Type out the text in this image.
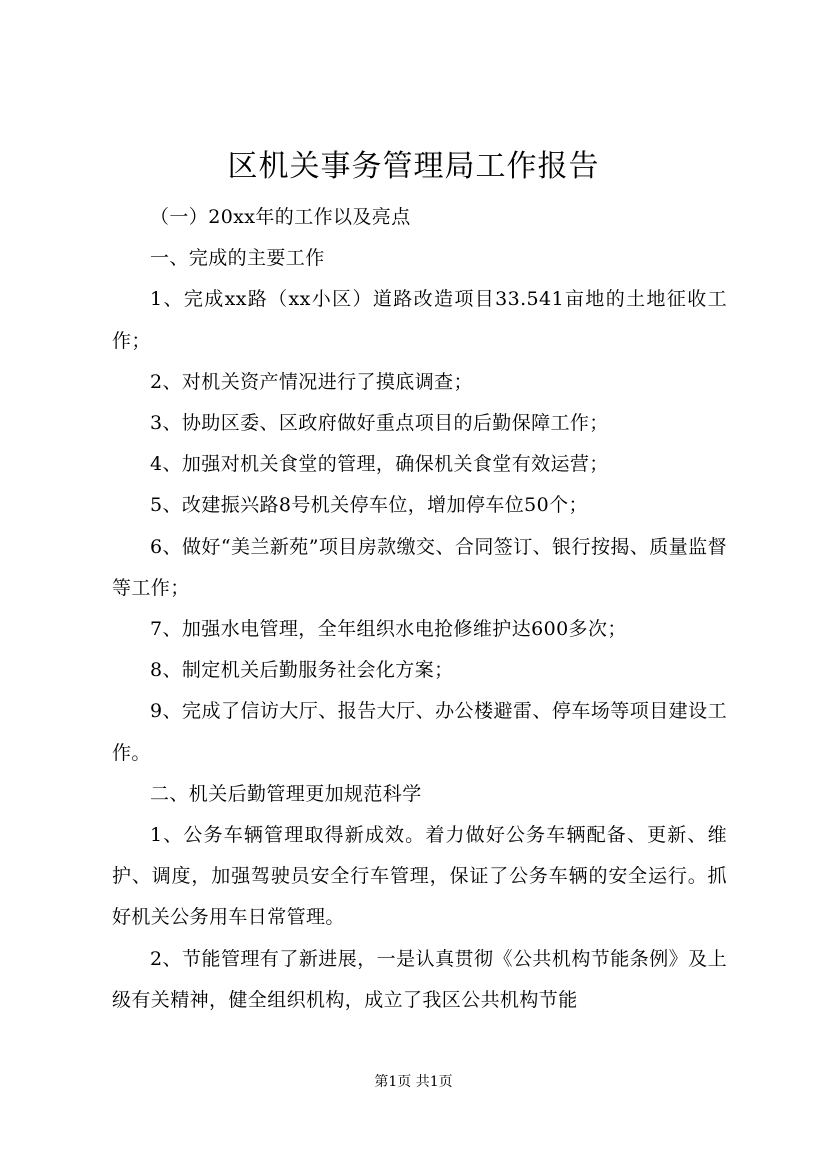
区机关事务管理局工作报告

（一）20xx年的工作以及亮点

一、完成的主要工作

1、完成xx路（xx小区）道路改造项目33.541亩地的土地征收工作；

2、对机关资产情况进行了摸底调查；

3、协助区委、区政府做好重点项目的后勤保障工作；

4、加强对机关食堂的管理，确保机关食堂有效运营；

5、改建振兴路8号机关停车位，增加停车位50个；

6、做好“美兰新苑”项目房款缴交、合同签订、银行按揭、质量监督等工作；

7、加强水电管理，全年组织水电抢修维护达600多次；

8、制定机关后勤服务社会化方案；

9、完成了信访大厅、报告大厅、办公楼避雷、停车场等项目建设工作。

二、机关后勤管理更加规范科学

1、公务车辆管理取得新成效。着力做好公务车辆配备、更新、维护、调度，加强驾驶员安全行车管理，保证了公务车辆的安全运行。抓好机关公务用车日常管理。

2、节能管理有了新进展，一是认真贯彻《公共机构节能条例》及上级有关精神，健全组织机构，成立了我区公共机构节能

第1页 共1页
